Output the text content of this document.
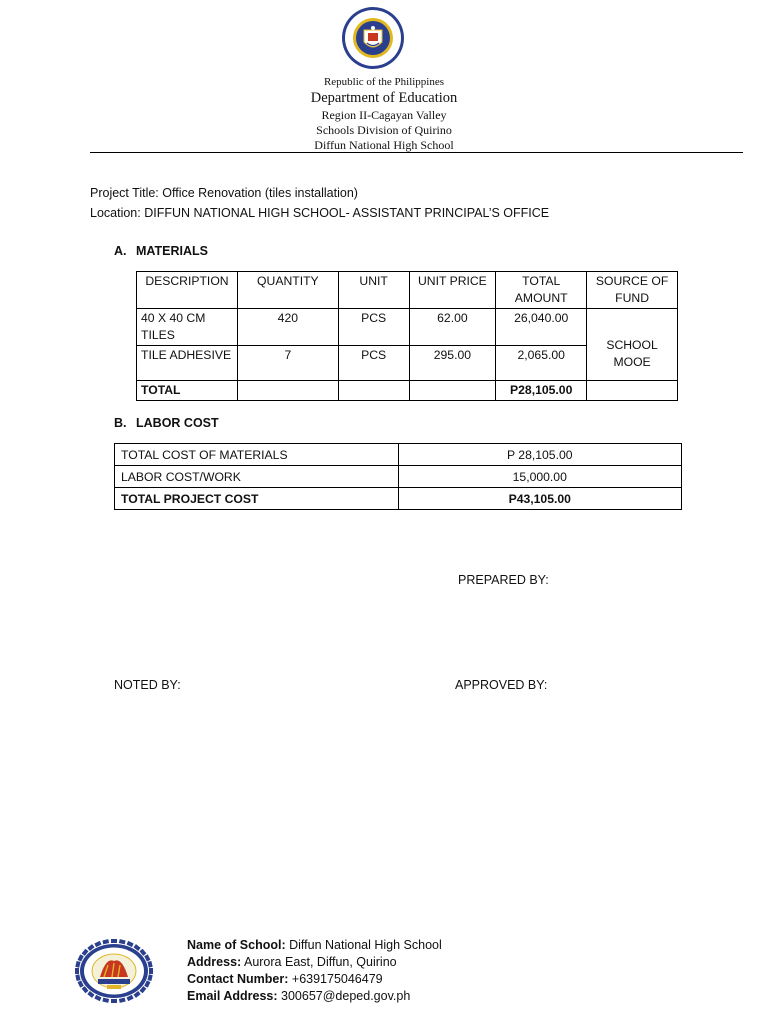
Republic of the Philippines
Department of Education
Region II-Cagayan Valley
Schools Division of Quirino
Diffun National High School
Project Title: Office Renovation (tiles installation)
Location: DIFFUN NATIONAL HIGH SCHOOL- ASSISTANT PRINCIPAL’S OFFICE
A. MATERIALS
DESCRIPTION	QUANTITY	UNIT	UNIT PRICE	TOTAL AMOUNT	SOURCE OF FUND
40 X 40 CM TILES	420	PCS	62.00	26,040.00	SCHOOL MOOE
TILE ADHESIVE	7	PCS	295.00	2,065.00	
TOTAL				P28,105.00	
B. LABOR COST
TOTAL COST OF MATERIALS	P 28,105.00
LABOR COST/WORK	15,000.00
TOTAL PROJECT COST	P43,105.00
PREPARED BY:
NOTED BY:	APPROVED BY:
Name of School: Diffun National High School
Address: Aurora East, Diffun, Quirino
Contact Number: +639175046479
Email Address: 300657@deped.gov.ph
